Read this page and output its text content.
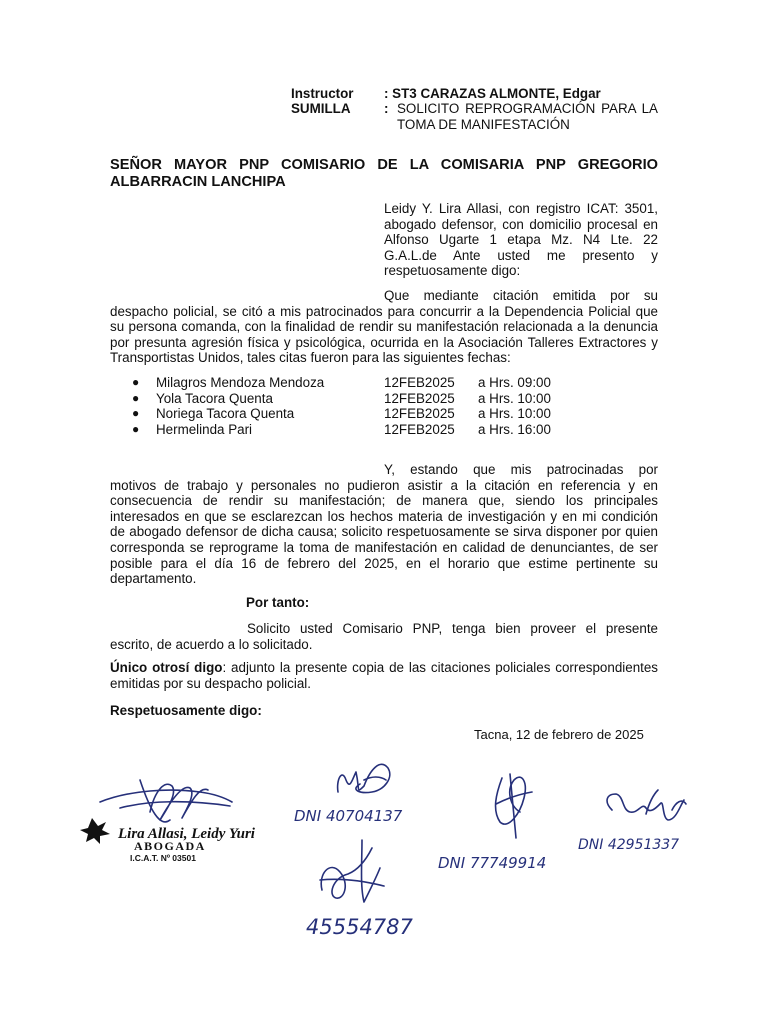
Instructor : ST3 CARAZAS ALMONTE, Edgar
SUMILLA : SOLICITO REPROGRAMACIÓN PARA LA TOMA DE MANIFESTACIÓN
SEÑOR MAYOR PNP COMISARIO DE LA COMISARIA PNP GREGORIO ALBARRACIN LANCHIPA
Leidy Y. Lira Allasi, con registro ICAT: 3501, abogado defensor, con domicilio procesal en Alfonso Ugarte 1 etapa Mz. N4 Lte. 22 G.A.L.de Ante usted me presento y respetuosamente digo:
Que mediante citación emitida por su
despacho policial, se citó a mis patrocinados para concurrir a la Dependencia Policial que su persona comanda, con la finalidad de rendir su manifestación relacionada a la denuncia por presunta agresión física y psicológica, ocurrida en la Asociación Talleres Extractores y Transportistas Unidos, tales citas fueron para las siguientes fechas:
● Milagros Mendoza Mendoza	12FEB2025 a Hrs. 09:00
● Yola Tacora Quenta	12FEB2025 a Hrs. 10:00
● Noriega Tacora Quenta	12FEB2025 a Hrs. 10:00
● Hermelinda Pari	12FEB2025 a Hrs. 16:00
Y, estando que mis patrocinadas por
motivos de trabajo y personales no pudieron asistir a la citación en referencia y en consecuencia de rendir su manifestación; de manera que, siendo los principales interesados en que se esclarezcan los hechos materia de investigación y en mi condición de abogado defensor de dicha causa; solicito respetuosamente se sirva disponer por quien corresponda se reprograme la toma de manifestación en calidad de denunciantes, de ser posible para el día 16 de febrero del 2025, en el horario que estime pertinente su departamento.
Por tanto:
Solicito usted Comisario PNP, tenga bien proveer el presente
escrito, de acuerdo a lo solicitado.
Único otrosí digo: adjunto la presente copia de las citaciones policiales correspondientes emitidas por su despacho policial.
Respetuosamente digo:
Tacna, 12 de febrero de 2025
Lira Allasi, Leidy Yuri
ABOGADA
I.C.A.T. Nº 03501
DNI 40704137
DNI 77749914
DNI 42951337
45554787
